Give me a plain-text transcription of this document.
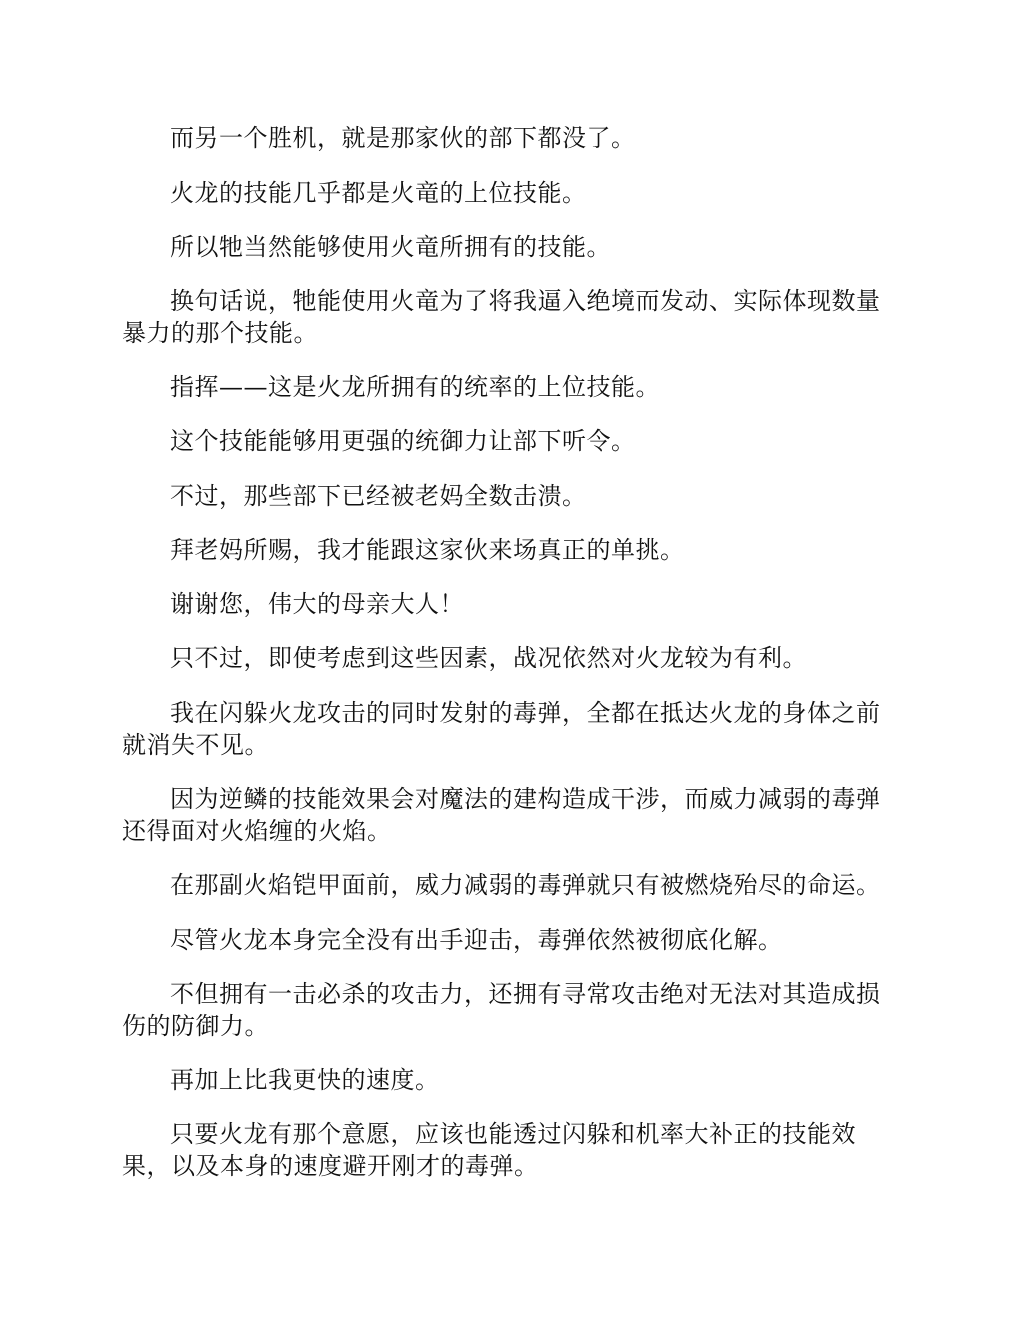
而另一个胜机，就是那家伙的部下都没了。

火龙的技能几乎都是火竜的上位技能。

所以牠当然能够使用火竜所拥有的技能。

换句话说，牠能使用火竜为了将我逼入绝境而发动、实际体现数量暴力的那个技能。

指挥——这是火龙所拥有的统率的上位技能。

这个技能能够用更强的统御力让部下听令。

不过，那些部下已经被老妈全数击溃。

拜老妈所赐，我才能跟这家伙来场真正的单挑。

谢谢您，伟大的母亲大人！

只不过，即使考虑到这些因素，战况依然对火龙较为有利。

我在闪躲火龙攻击的同时发射的毒弹，全都在抵达火龙的身体之前就消失不见。

因为逆鳞的技能效果会对魔法的建构造成干涉，而威力减弱的毒弹还得面对火焰缠的火焰。

在那副火焰铠甲面前，威力减弱的毒弹就只有被燃烧殆尽的命运。

尽管火龙本身完全没有出手迎击，毒弹依然被彻底化解。

不但拥有一击必杀的攻击力，还拥有寻常攻击绝对无法对其造成损伤的防御力。

再加上比我更快的速度。

只要火龙有那个意愿，应该也能透过闪躲和机率大补正的技能效果，以及本身的速度避开刚才的毒弹。
